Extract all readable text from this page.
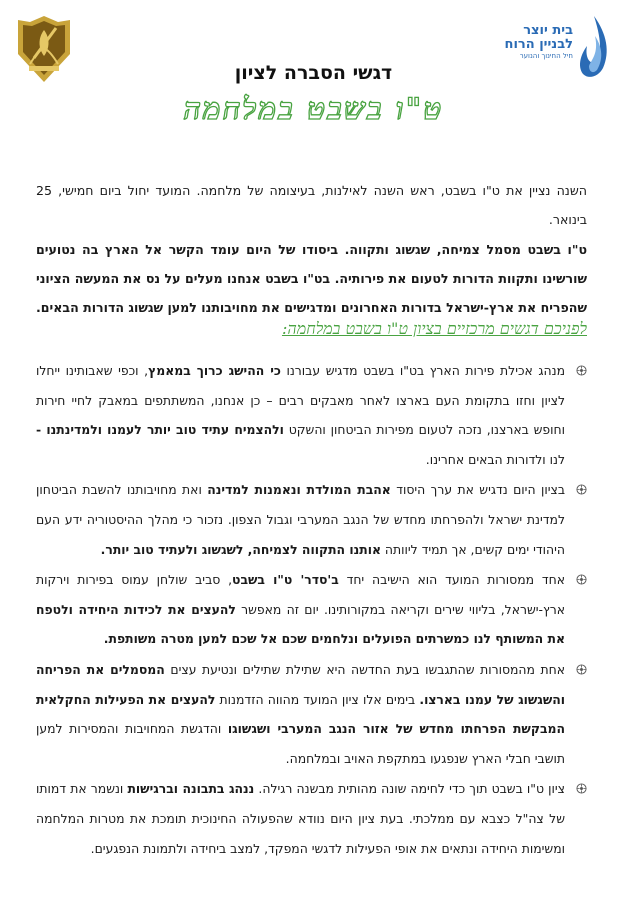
בית יוצר
לבניין הרוח
חיל החינוך והנוער
דגשי הסברה לציון
ט"ו בשבט במלחמה

השנה נציין את ט"ו בשבט, ראש השנה לאילנות, בעיצומה של מלחמה. המועד יחול ביום חמישי, 25 בינואר.

ט"ו בשבט מסמל צמיחה, שגשוג ותקווה. ביסודו של היום עומד הקשר אל הארץ בה נטועים שורשינו ותקוות הדורות לטעום את פירותיה. בט"ו בשבט אנחנו מעלים על נס את המעשה הציוני שהפריח את ארץ-ישראל בדורות האחרונים ומדגישים את מחויבותנו למען שגשוג הדורות הבאים.

לפניכם דגשים מרכזיים בציון ט"ו בשבט במלחמה:
מנהג אכילת פירות הארץ בט"ו בשבט מדגיש עבורנו כי ההישג כרוך במאמץ, וכפי שאבותינו ייחלו לציון וחזו בתקומת העם בארצו לאחר מאבקים רבים – כן אנחנו, המשתתפים במאבק לחיי חירות וחופש בארצנו, נזכה לטעום מפירות הביטחון והשקט ולהצמיח עתיד טוב יותר לעמנו ולמדינתנו - לנו ולדורות הבאים אחרינו.
בציון היום נדגיש את ערך היסוד אהבת המולדת ונאמנות למדינה ואת מחויבותנו להשבת הביטחון למדינת ישראל ולהפרחתו מחדש של הנגב המערבי וגבול הצפון. נזכור כי מהלך ההיסטוריה ידע העם היהודי ימים קשים, אך תמיד ליוותה אותנו התקווה לצמיחה, לשגשוג ולעתיד טוב יותר.
אחד ממסורות המועד הוא הישיבה יחד ב'סדר' ט"ו בשבט, סביב שולחן עמוס בפירות וירקות ארץ-ישראל, בליווי שירים וקריאה במקורותינו. יום זה מאפשר להעצים את לכידות היחידה ולטפח את המשותף לנו כמשרתים הפועלים ונלחמים שכם אל שכם למען מטרה משותפת.
אחת מהמסורות שהתגבשו בעת החדשה היא שתילת שתילים ונטיעת עצים המסמלים את הפריחה והשגשוג של עמנו בארצו. בימים אלו ציון המועד מהווה הזדמנות להעצים את הפעילות החקלאית המבקשת הפרחתו מחדש של אזור הנגב המערבי ושגשוגו והדגשת המחויבות והמסירות למען תושבי חבלי הארץ שנפגעו במתקפת האויב ובמלחמה.
ציון ט"ו בשבט תוך כדי לחימה שונה מהותית מבשנה רגילה. ננהג בתבונה וברגישות ונשמר את דמותו של צה"ל כצבא עם ממלכתי. בעת ציון היום נוודא שהפעולה החינוכית תומכת את מטרות המלחמה ומשימות היחידה ונתאים את אופי הפעילות לדגשי המפקד, למצב ביחידה ולתמונת הנפגעים.
